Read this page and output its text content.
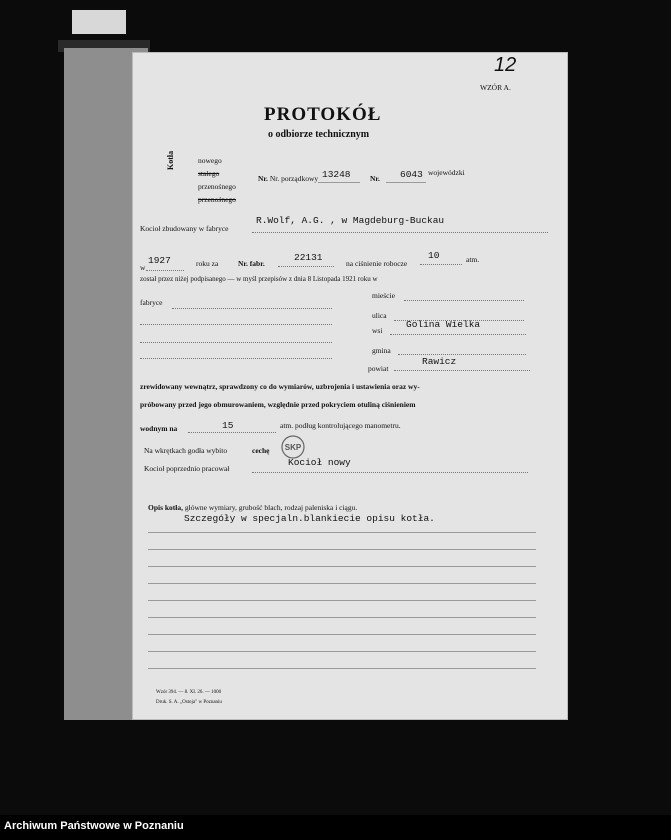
12
WZÓR A.
PROTOKÓŁ
o odbiorze technicznym
Kotła	nowego
stałego
przenośnego
przenośnego
Nr. Nr. porządkowy 13248	Nr. 6043 wojewódzki
Kocioł zbudowany w fabryce
R.Wolf, A.G. , w Magdeburg-Buckau
w
1927	roku za	Nr. fabr.
22131
na ciśnienie robocze
10	atm.
został przez niżej podpisanego — w myśl przepisów z dnia 8 Listopada 1921 roku w
fabryce
mieście
ulica
wsi
Golina Wielka
gmina
powiat
Rawicz
zrewidowany wewnątrz, sprawdzony co do wymiarów, uzbrojenia i ustawienia oraz wy-
próbowany przed jego obmurowaniem, względnie przed pokryciem otuliną ciśnieniem
wodnym na	15	atm. podług kontrolującego manometru.
Na wkrętkach godła wybito	cechę
Kocioł poprzednio pracował
Kocioł nowy
Opis kotła, główne wymiary, grubość blach, rodzaj paleniska i ciągu.
Szczegóły w specjaln.blankiecie opisu kotła.
Wzór 394. — 8. XI. 26. — 1000
Druk. S. A. „Ostoja" w Poznaniu
SKP
Archiwum Państwowe w Poznaniu
